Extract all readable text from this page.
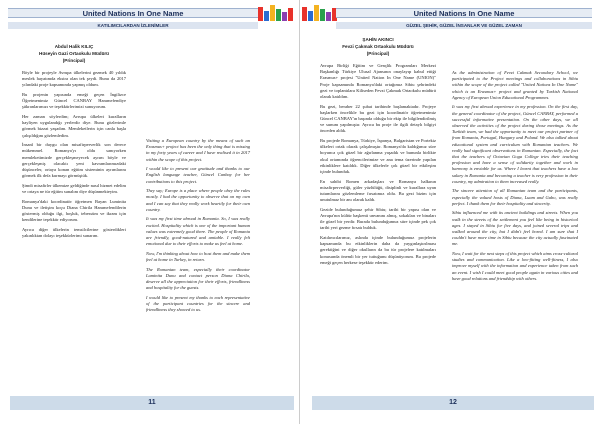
United Nations In One Name
KATILIMCILARDAN İZLENİMLER
Abdul Halik KILIÇ
Hüseyin Gazi Ortaokulu Müdürü
(Principal)

Böyle bir projeyle Avrupa ülkelerini gezmek 40 yıldık meslek hayatımda ekstra olan tek şeydi. Bunu da 2017 yılındaki proje kapsamında yapmış oldum.

Bu projenin yapısında emeği geçen İngilizce Öğretmenimiz Güncel CANBAY Hanımefendiye şükranlarımızı ve teşekkürlerimizi sunuyorum.

Her zaman söylerdim; Avrupa ülkeleri kuralların hayliyen uygulandığı yerlerdir diye. Bunu gözlerimle görmek bizzat yaşadım. Memleketlerin için canla başla çalışıldığını gözlemledim.

İnsanî bir duygu olan misafirperverlik son derece mükemmel. Romanya'yı oldu sanıyorken memleketimizde gerçekleşmeyecek ayrım böyle ve gerçekleşmiş olacaktı yeni kavramlarımızdaki düşünceler, ortaya konan eğitim sisteminin ayrımlarını görmek ilk defa kurmayı görmüştük.

Şimdi misafirler ülkemize geldiğinde nasıl hizmet edelim ve ortaya ne tür eğitim sunalım diye düşünmekteyim.

Romanya'daki koordinatör öğretmen Bayan Luminita Dunu ve iletişim koçu Diana Chirila Hanımefendilerin göstermiş olduğu ilgi, hoşluk, tebessüm ve ikram için kendilerine teşekkür ediyorum.

Ayrıca diğer ülkelerin temsilcilerine gösterdikleri yakınlıktan dolayı teşekkürlerimi sunarım.

Visiting a European country by the means of such an Erasmus+ project has been the only thing that is missing in my forty years of career and I have realised it in 2017 within the scope of this project.

I would like to present our gratitude and thanks to our English language teacher, Güncel Canbay for her contributions to this project.

They say; Europe is a place where people obey the rules mostly. I had the opportunity to observe that on my own and I can say that they really work heartily for their own country.

It was my first time abroad in Romania. So, I was really excited. Hospitality which is one of the important human values was extremely good there. The people of Romania are friendly, good-natured and amiable. I really felt emotional due to their efforts to make us feel at home.

Now, I'm thinking about how to host them and make them feel at home in Turkey, in return.

The Romanian team, especially their coordinator Luminita Dunu and contact person Diana Chirila, deserve all the appreciation for their efforts, friendliness and hospitality for the guests.

I would like to present my thanks to each representative of the participant countries for the sincere and friendliness they showed to us.

11
United Nations In One Name
GÜZEL ŞEHİR, GÜZEL İNSANLAR VE GÜZEL ZAMAN
ŞAHİN AKINCI
Fevzi Çakmak Ortaokulu Müdürü
(Principal)

Avrupa Birliği Eğitim ve Gençlik Programları Merkezi Başkanlığı Türkiye Ulusal Ajansının onaylayıp kabul ettiği Erasmus+ projesi "United Nation In One Name (UNION)" Proje kapsamında Romanya'daki ortağımız Sibiu şehrindeki gezi ve toplantılara Kiliseden Fevzi Çakmak Ortaokulu müdürü olarak katıldım.

Bu gezi, beraber 22 şubat tarihinde başlamaktadır. Projeye başlarken öncelikle bu gezi için koordinatör öğretmenimiz Güncel CANBAY'ın başında olduğu bir ekip ile bilgilendirilmiş ve sunum yapılmıştır. Ayrıca bu proje ile ilgili detaylı bilgiyi önceden aldık.

Bu projede Romanya, Türkiye, İspanya, Bulgaristan ve Portekiz ülkeleri ortak olarak çalışılmıştır. Romanya'da kaldığımız süre boyunca çok güzel bir ağırlanma yaşadık ve bununla birlikte okul ortamında öğrencilerimize ve ana tema üzerinde yapılan etkinliklere katıldık. Diğer ülkelerle çok güzel bir etkileşim içinde bulunduk.

En sahibi Romen arkadaşları ve Romanya halkının misafirperverliği, güler yüzlülüğü, disiplinli ve kurallara uyan tutumlarını gözlemleme fırsatımız oldu. Bu gezi bizim için unutulmaz bir anı olarak kaldı.

Gezide bulunduğumuz şehir Sibiu; tarihi bir yapısı olan ve Avrupa'nın kültür başkenti unvanını almış, sokakları ve binaları ile güzel bir yerdir. Burada bulunduğumuz süre içinde pek çok tarihi yeri gezme fırsatı bulduk.

Katılımcılarımız, aslında içinde bulunduğumuz projelerin kapsamında bu etkinliklerin daha da yaygınlaştırılması gerektiğini ve diğer okulların da bu tür projelere katılmaları konusunda önemli bir yer tuttuğunu düşünüyorum. Bu projede emeği geçen herkese teşekkür ederim.

As the administration of Fevzi Cakmak Secondary School, we participated to the Project meetings and collaborations in Sibiu within the scope of the project called "United Nations In One Name" which is an Erasmus+ project and granted by Turkish National Agency of European Union Educational Programmes.

It was my first abroad experience in my profession. On the first day, the general coordinator of the project, Güncel CANBAY, performed a successful informative presentation. On the other days, we all observed the activities of the project during those meetings. As the Turkish team, we had the opportunity to meet our project partner of from Romania, Portugal, Hungary and Poland. We also talked about educational system and curriculum with Romanian teachers. We really had significant observations in Romanian. Especially, the fact that the teachers of Octavian Goga College tries their teaching profession and have a sense of solidarity together and work in harmony is enviable for us. Where I learnt that teachers have a low salary in Romania and becoming a teacher is very profession in their country, my admiration to them increased really.

The sincere attention of all Romanian team and the participants, especially the valued hosts of Diana, Luam and Gabo, was really perfect. I thank them for their hospitality and sincerity.

Sibiu influenced me with its ancient buildings and streets. When you walk in the streets of the settlement you feel like being in historical ages. I stayed in Sibiu for five days, and joined several trips and walked around the city, but I didn't feel bored. I am sure that I couldn't have more time in Sibiu because the city actually fascinated me.

Now, I wait for the next steps of this project which aims cross-cultural studies and communication. Like a low-fitting well-fitness, I also improve myself with the information and experience taken from such an event. I wish I could meet good people again in various cities and have good relations and friendship with others.

12
